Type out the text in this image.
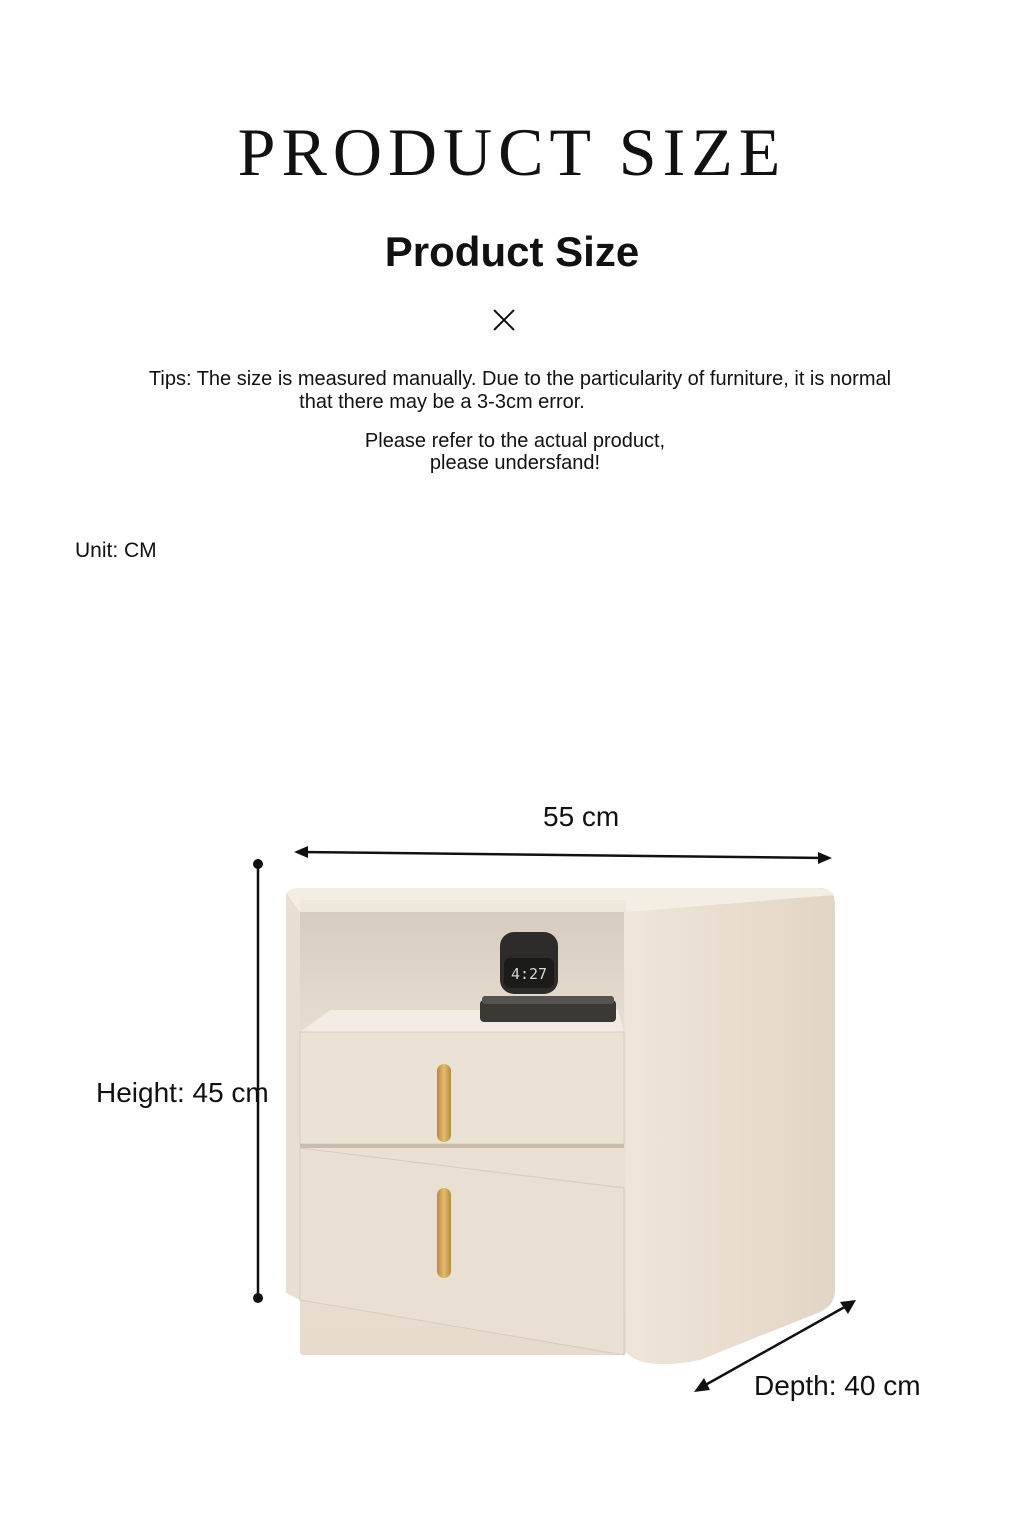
PRODUCT SIZE
Product Size
Tips: The size is measured manually. Due to the particularity of furniture, it is normal
that there may be a 3-3cm error.
Please refer to the actual product,
please undersfand!
Unit: CM
4:27
55 cm
Height: 45 cm
Depth: 40 cm
